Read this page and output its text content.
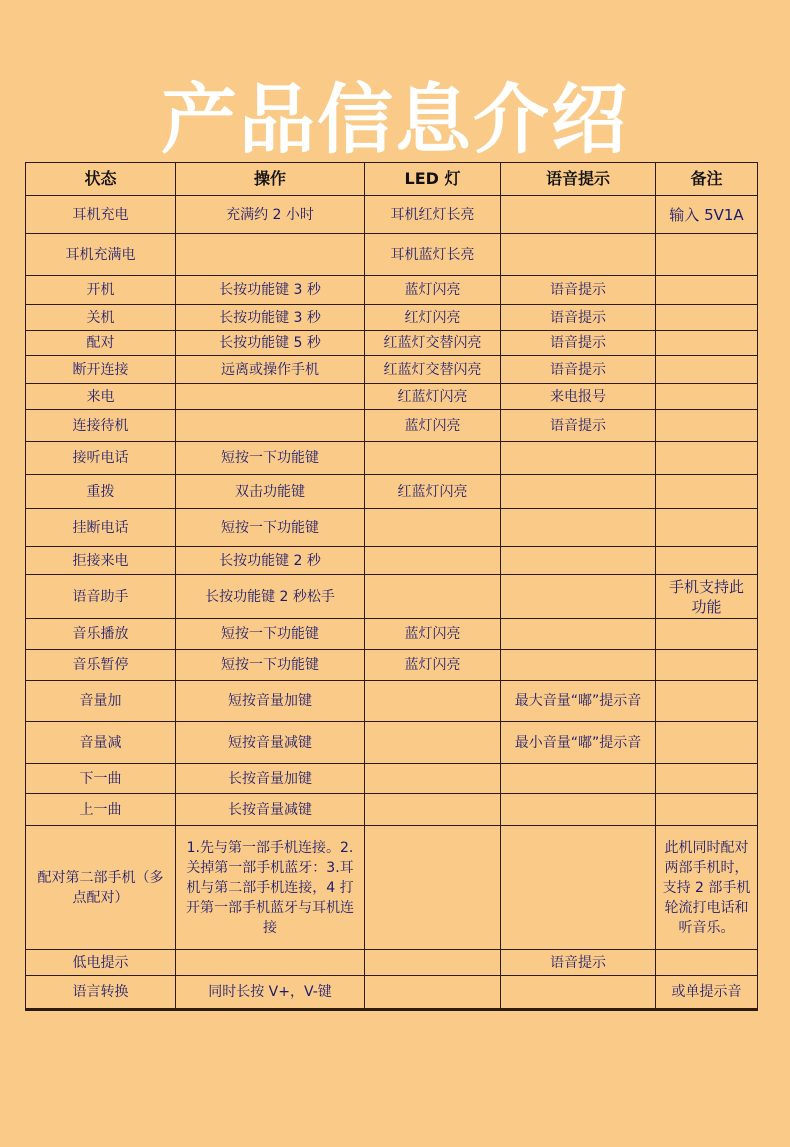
产品信息介绍
状态	操作	LED 灯	语音提示	备注
耳机充电	充满约 2 小时	耳机红灯长亮		输入 5V1A
耳机充满电		耳机蓝灯长亮		
开机	长按功能键 3 秒	蓝灯闪亮	语音提示	
关机	长按功能键 3 秒	红灯闪亮	语音提示	
配对	长按功能键 5 秒	红蓝灯交替闪亮	语音提示	
断开连接	远离或操作手机	红蓝灯交替闪亮	语音提示	
来电		红蓝灯闪亮	来电报号	
连接待机		蓝灯闪亮	语音提示	
接听电话	短按一下功能键			
重拨	双击功能键	红蓝灯闪亮		
挂断电话	短按一下功能键			
拒接来电	长按功能键 2 秒			
语音助手	长按功能键 2 秒松手			手机支持此功能
音乐播放	短按一下功能键	蓝灯闪亮		
音乐暂停	短按一下功能键	蓝灯闪亮		
音量加	短按音量加键		最大音量“嘟”提示音	
音量减	短按音量减键		最小音量“嘟”提示音	
下一曲	长按音量加键			
上一曲	长按音量减键			
配对第二部手机（多点配对）	1.先与第一部手机连接。2.关掉第一部手机蓝牙：3.耳机与第二部手机连接，4 打开第一部手机蓝牙与耳机连接			此机同时配对两部手机时，支持 2 部手机轮流打电话和听音乐。
低电提示			语音提示	
语言转换	同时长按 V+，V-键			或单提示音
